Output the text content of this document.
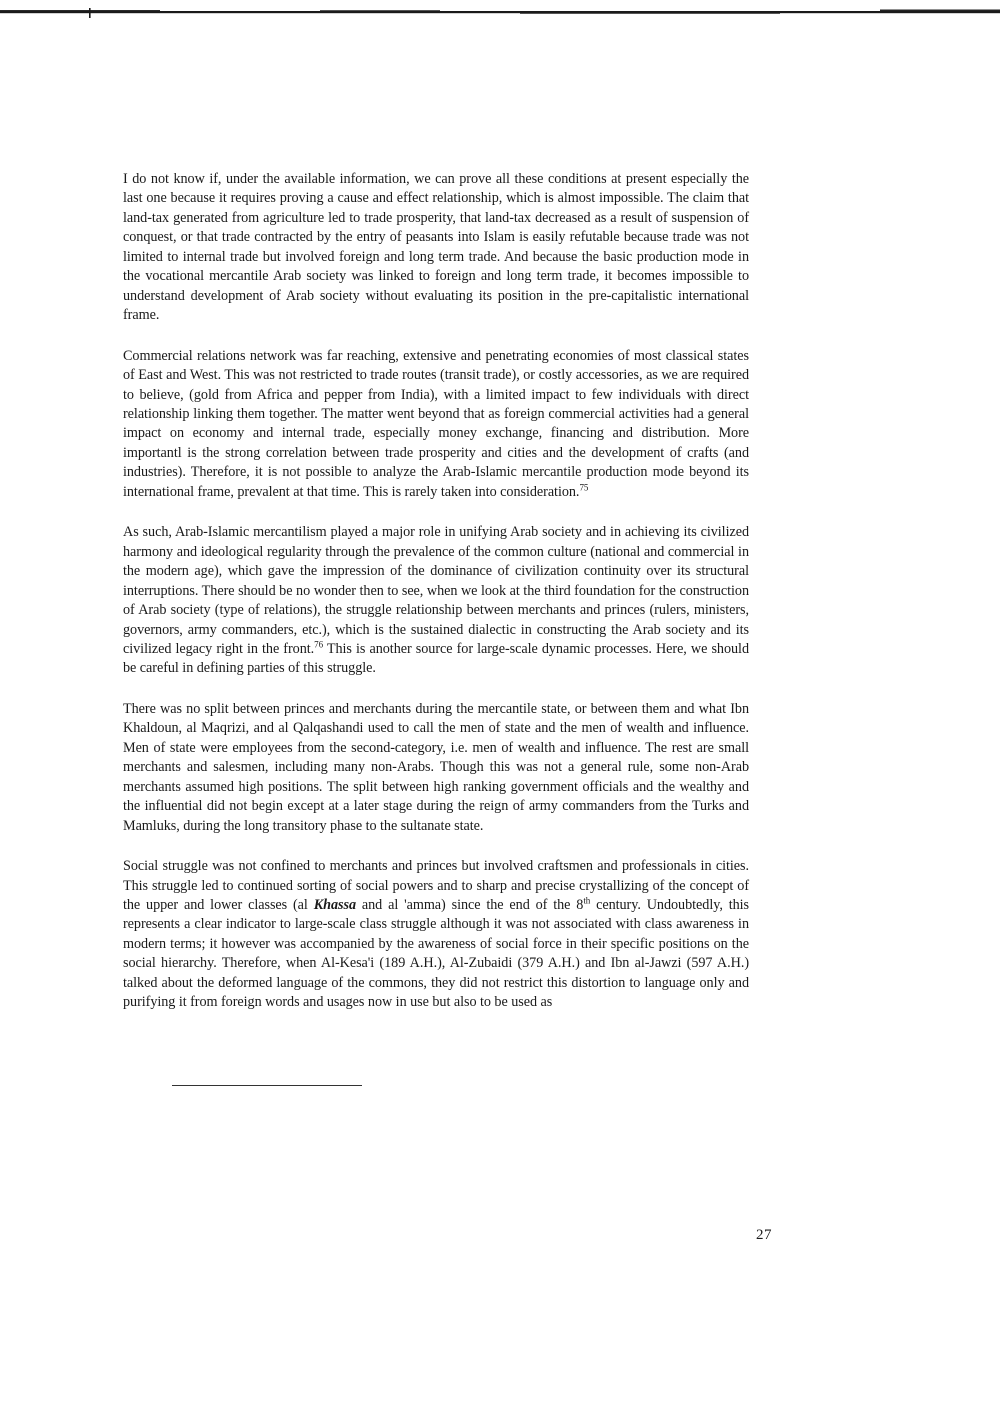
I do not know if, under the available information, we can prove all these conditions at present especially the last one because it requires proving a cause and effect relationship, which is almost impossible. The claim that land-tax generated from agriculture led to trade prosperity, that land-tax decreased as a result of suspension of conquest, or that trade contracted by the entry of peasants into Islam is easily refutable because trade was not limited to internal trade but involved foreign and long term trade. And because the basic production mode in the vocational mercantile Arab society was linked to foreign and long term trade, it becomes impossible to understand development of Arab society without evaluating its position in the pre-capitalistic international frame.

Commercial relations network was far reaching, extensive and penetrating economies of most classical states of East and West. This was not restricted to trade routes (transit trade), or costly accessories, as we are required to believe, (gold from Africa and pepper from India), with a limited impact to few individuals with direct relationship linking them together. The matter went beyond that as foreign commercial activities had a general impact on economy and internal trade, especially money exchange, financing and distribution. More importantl is the strong correlation between trade prosperity and cities and the development of crafts (and industries). Therefore, it is not possible to analyze the Arab-Islamic mercantile production mode beyond its international frame, prevalent at that time. This is rarely taken into consideration.$^{75}$

As such, Arab-Islamic mercantilism played a major role in unifying Arab society and in achieving its civilized harmony and ideological regularity through the prevalence of the common culture (national and commercial in the modern age), which gave the impression of the dominance of civilization continuity over its structural interruptions. There should be no wonder then to see, when we look at the third foundation for the construction of Arab society (type of relations), the struggle relationship between merchants and princes (rulers, ministers, governors, army commanders, etc.), which is the sustained dialectic in constructing the Arab society and its civilized legacy right in the front.$^{76}$ This is another source for large-scale dynamic processes. Here, we should be careful in defining parties of this struggle.

There was no split between princes and merchants during the mercantile state, or between them and what Ibn Khaldoun, al Maqrizi, and al Qalqashandi used to call the men of state and the men of wealth and influence. Men of state were employees from the second-category, i.e. men of wealth and influence. The rest are small merchants and salesmen, including many non-Arabs. Though this was not a general rule, some non-Arab merchants assumed high positions. The split between high ranking government officials and the wealthy and the influential did not begin except at a later stage during the reign of army commanders from the Turks and Mamluks, during the long transitory phase to the sultanate state.

Social struggle was not confined to merchants and princes but involved craftsmen and professionals in cities. This struggle led to continued sorting of social powers and to sharp and precise crystallizing of the concept of the upper and lower classes (al Khassa and al 'amma) since the end of the 8th century. Undoubtedly, this represents a clear indicator to large-scale class struggle although it was not associated with class awareness in modern terms; it however was accompanied by the awareness of social force in their specific positions on the social hierarchy. Therefore, when Al-Kesa'i (189 A.H.), Al-Zubaidi (379 A.H.) and Ibn al-Jawzi (597 A.H.) talked about the deformed language of the commons, they did not restrict this distortion to language only and purifying it from foreign words and usages now in use but also to be used as

27
